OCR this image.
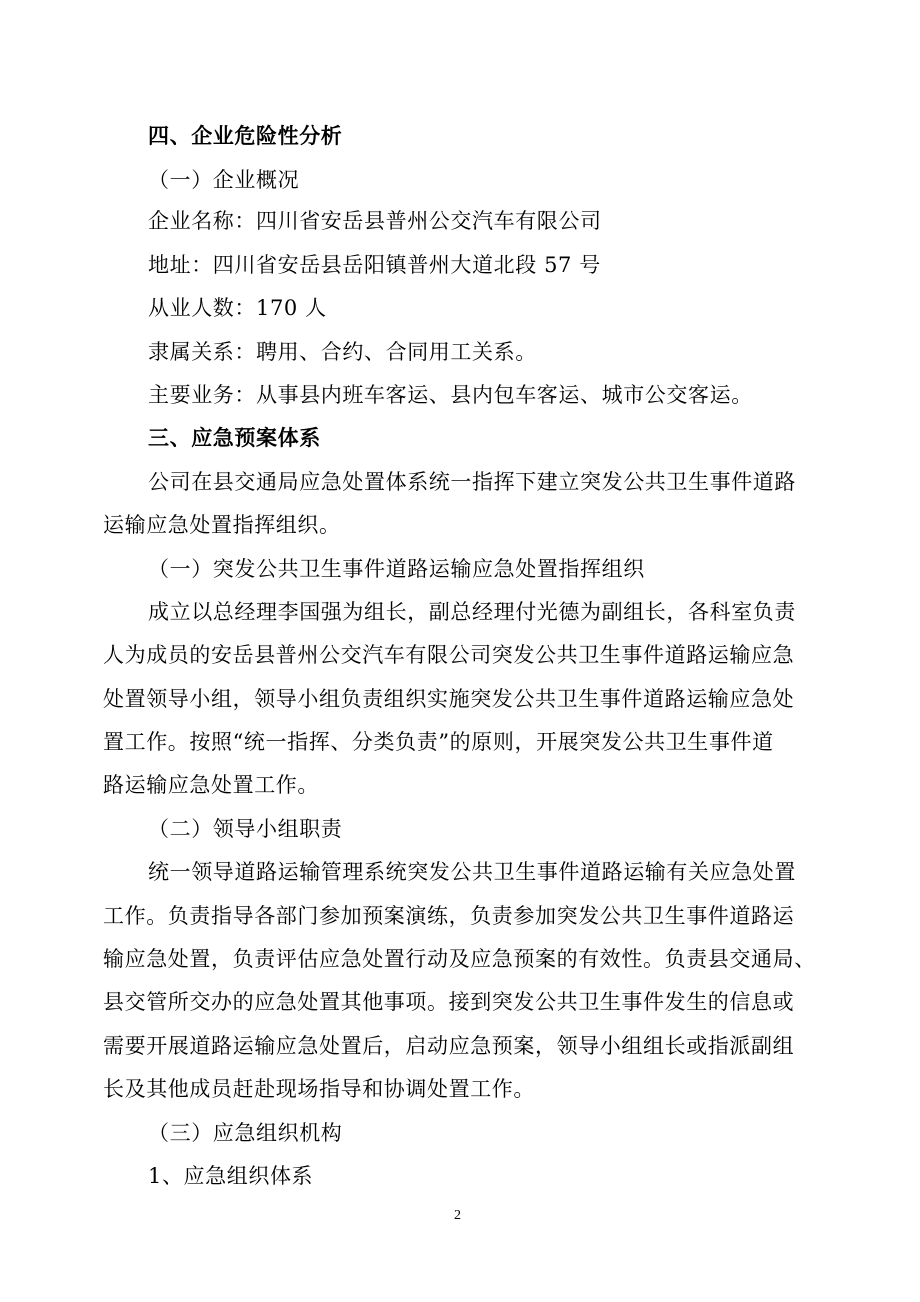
四、企业危险性分析
（一）企业概况
企业名称：四川省安岳县普州公交汽车有限公司
地址：四川省安岳县岳阳镇普州大道北段 57 号
从业人数：170 人
隶属关系：聘用、合约、合同用工关系。
主要业务：从事县内班车客运、县内包车客运、城市公交客运。
三、应急预案体系
公司在县交通局应急处置体系统一指挥下建立突发公共卫生事件道路
运输应急处置指挥组织。
（一）突发公共卫生事件道路运输应急处置指挥组织
成立以总经理李国强为组长，副总经理付光德为副组长，各科室负责
人为成员的安岳县普州公交汽车有限公司突发公共卫生事件道路运输应急
处置领导小组，领导小组负责组织实施突发公共卫生事件道路运输应急处
置工作。按照“统一指挥、分类负责”的原则，开展突发公共卫生事件道
路运输应急处置工作。
（二）领导小组职责
统一领导道路运输管理系统突发公共卫生事件道路运输有关应急处置
工作。负责指导各部门参加预案演练，负责参加突发公共卫生事件道路运
输应急处置，负责评估应急处置行动及应急预案的有效性。负责县交通局、
县交管所交办的应急处置其他事项。接到突发公共卫生事件发生的信息或
需要开展道路运输应急处置后，启动应急预案，领导小组组长或指派副组
长及其他成员赶赴现场指导和协调处置工作。
（三）应急组织机构
1、应急组织体系
2
